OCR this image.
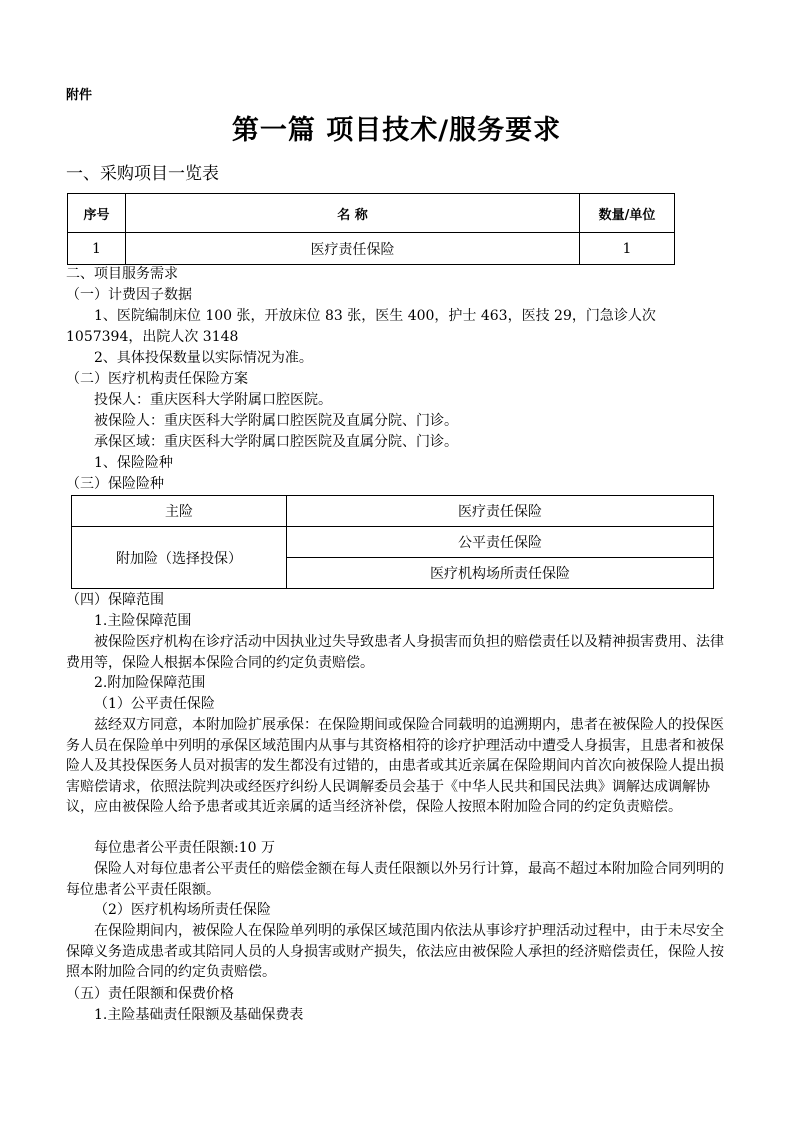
附件
第一篇 项目技术/服务要求
一、采购项目一览表
序号	名 称	数量/单位
1	医疗责任保险	1
二、项目服务需求
（一）计费因子数据
1、医院编制床位 100 张，开放床位 83 张，医生 400，护士 463，医技 29，门急诊人次 1057394，出院人次 3148
2、具体投保数量以实际情况为准。
（二）医疗机构责任保险方案
投保人：重庆医科大学附属口腔医院。
被保险人：重庆医科大学附属口腔医院及直属分院、门诊。
承保区域：重庆医科大学附属口腔医院及直属分院、门诊。
1、保险险种
（三）保险险种
主险	医疗责任保险
附加险（选择投保）	公平责任保险
	医疗机构场所责任保险
（四）保障范围
1.主险保障范围
被保险医疗机构在诊疗活动中因执业过失导致患者人身损害而负担的赔偿责任以及精神损害费用、法律费用等，保险人根据本保险合同的约定负责赔偿。
2.附加险保障范围
（1）公平责任保险
兹经双方同意，本附加险扩展承保：在保险期间或保险合同载明的追溯期内，患者在被保险人的投保医务人员在保险单中列明的承保区域范围内从事与其资格相符的诊疗护理活动中遭受人身损害，且患者和被保险人及其投保医务人员对损害的发生都没有过错的，由患者或其近亲属在保险期间内首次向被保险人提出损害赔偿请求，依照法院判决或经医疗纠纷人民调解委员会基于《中华人民共和国民法典》调解达成调解协议，应由被保险人给予患者或其近亲属的适当经济补偿，保险人按照本附加险合同的约定负责赔偿。
每位患者公平责任限额:10 万
保险人对每位患者公平责任的赔偿金额在每人责任限额以外另行计算，最高不超过本附加险合同列明的每位患者公平责任限额。
（2）医疗机构场所责任保险
在保险期间内，被保险人在保险单列明的承保区域范围内依法从事诊疗护理活动过程中，由于未尽安全保障义务造成患者或其陪同人员的人身损害或财产损失，依法应由被保险人承担的经济赔偿责任，保险人按照本附加险合同的约定负责赔偿。
（五）责任限额和保费价格
1.主险基础责任限额及基础保费表
